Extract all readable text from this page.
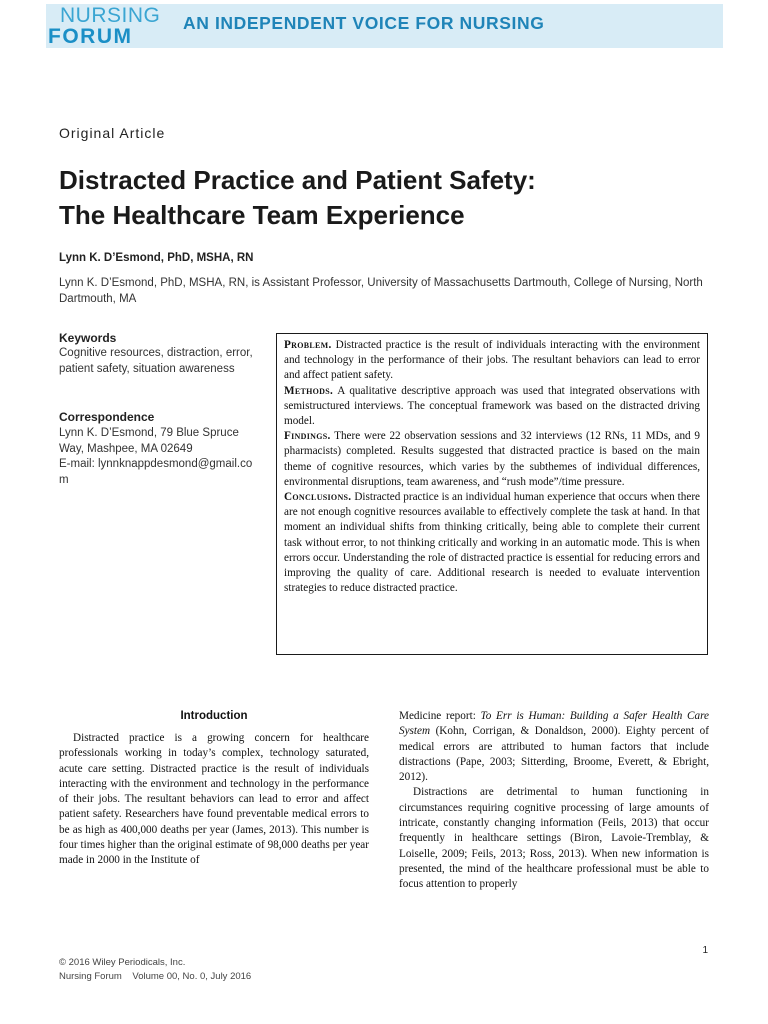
NURSING
FORUM
AN INDEPENDENT VOICE FOR NURSING
Original Article
Distracted Practice and Patient Safety:
The Healthcare Team Experience
Lynn K. D’Esmond, PhD, MSHA, RN
Lynn K. D’Esmond, PhD, MSHA, RN, is Assistant Professor, University of Massachusetts Dartmouth, College of Nursing, North Dartmouth, MA
Keywords
Cognitive resources, distraction, error, patient safety, situation awareness
Correspondence
Lynn K. D’Esmond, 79 Blue Spruce Way, Mashpee, MA 02649
E-mail: lynnknappdesmond@gmail.com

Problem. Distracted practice is the result of individuals interacting with the environment and technology in the performance of their jobs. The resultant behaviors can lead to error and affect patient safety.

Methods. A qualitative descriptive approach was used that integrated observations with semistructured interviews. The conceptual framework was based on the distracted driving model.

Findings. There were 22 observation sessions and 32 interviews (12 RNs, 11 MDs, and 9 pharmacists) completed. Results suggested that distracted practice is based on the main theme of cognitive resources, which varies by the subthemes of individual differences, environmental disruptions, team awareness, and “rush mode”/time pressure.

Conclusions. Distracted practice is an individual human experience that occurs when there are not enough cognitive resources available to effectively complete the task at hand. In that moment an individual shifts from thinking critically, being able to complete their current task without error, to not thinking critically and working in an automatic mode. This is when errors occur. Understanding the role of distracted practice is essential for reducing errors and improving the quality of care. Additional research is needed to evaluate intervention strategies to reduce distracted practice.

Introduction

Distracted practice is a growing concern for healthcare professionals working in today’s complex, technology saturated, acute care setting. Distracted practice is the result of individuals interacting with the environment and technology in the performance of their jobs. The resultant behaviors can lead to error and affect patient safety. Researchers have found preventable medical errors to be as high as 400,000 deaths per year (James, 2013). This number is four times higher than the original estimate of 98,000 deaths per year made in 2000 in the Institute of

Medicine report: To Err is Human: Building a Safer Health Care System (Kohn, Corrigan, & Donaldson, 2000). Eighty percent of medical errors are attributed to human factors that include distractions (Pape, 2003; Sitterding, Broome, Everett, & Ebright, 2012).

Distractions are detrimental to human functioning in circumstances requiring cognitive processing of large amounts of intricate, constantly changing information (Feils, 2013) that occur frequently in healthcare settings (Biron, Lavoie-Tremblay, & Loiselle, 2009; Feils, 2013; Ross, 2013). When new information is presented, the mind of the healthcare professional must be able to focus attention to properly

1
© 2016 Wiley Periodicals, Inc.
Nursing Forum    Volume 00, No. 0, July 2016
